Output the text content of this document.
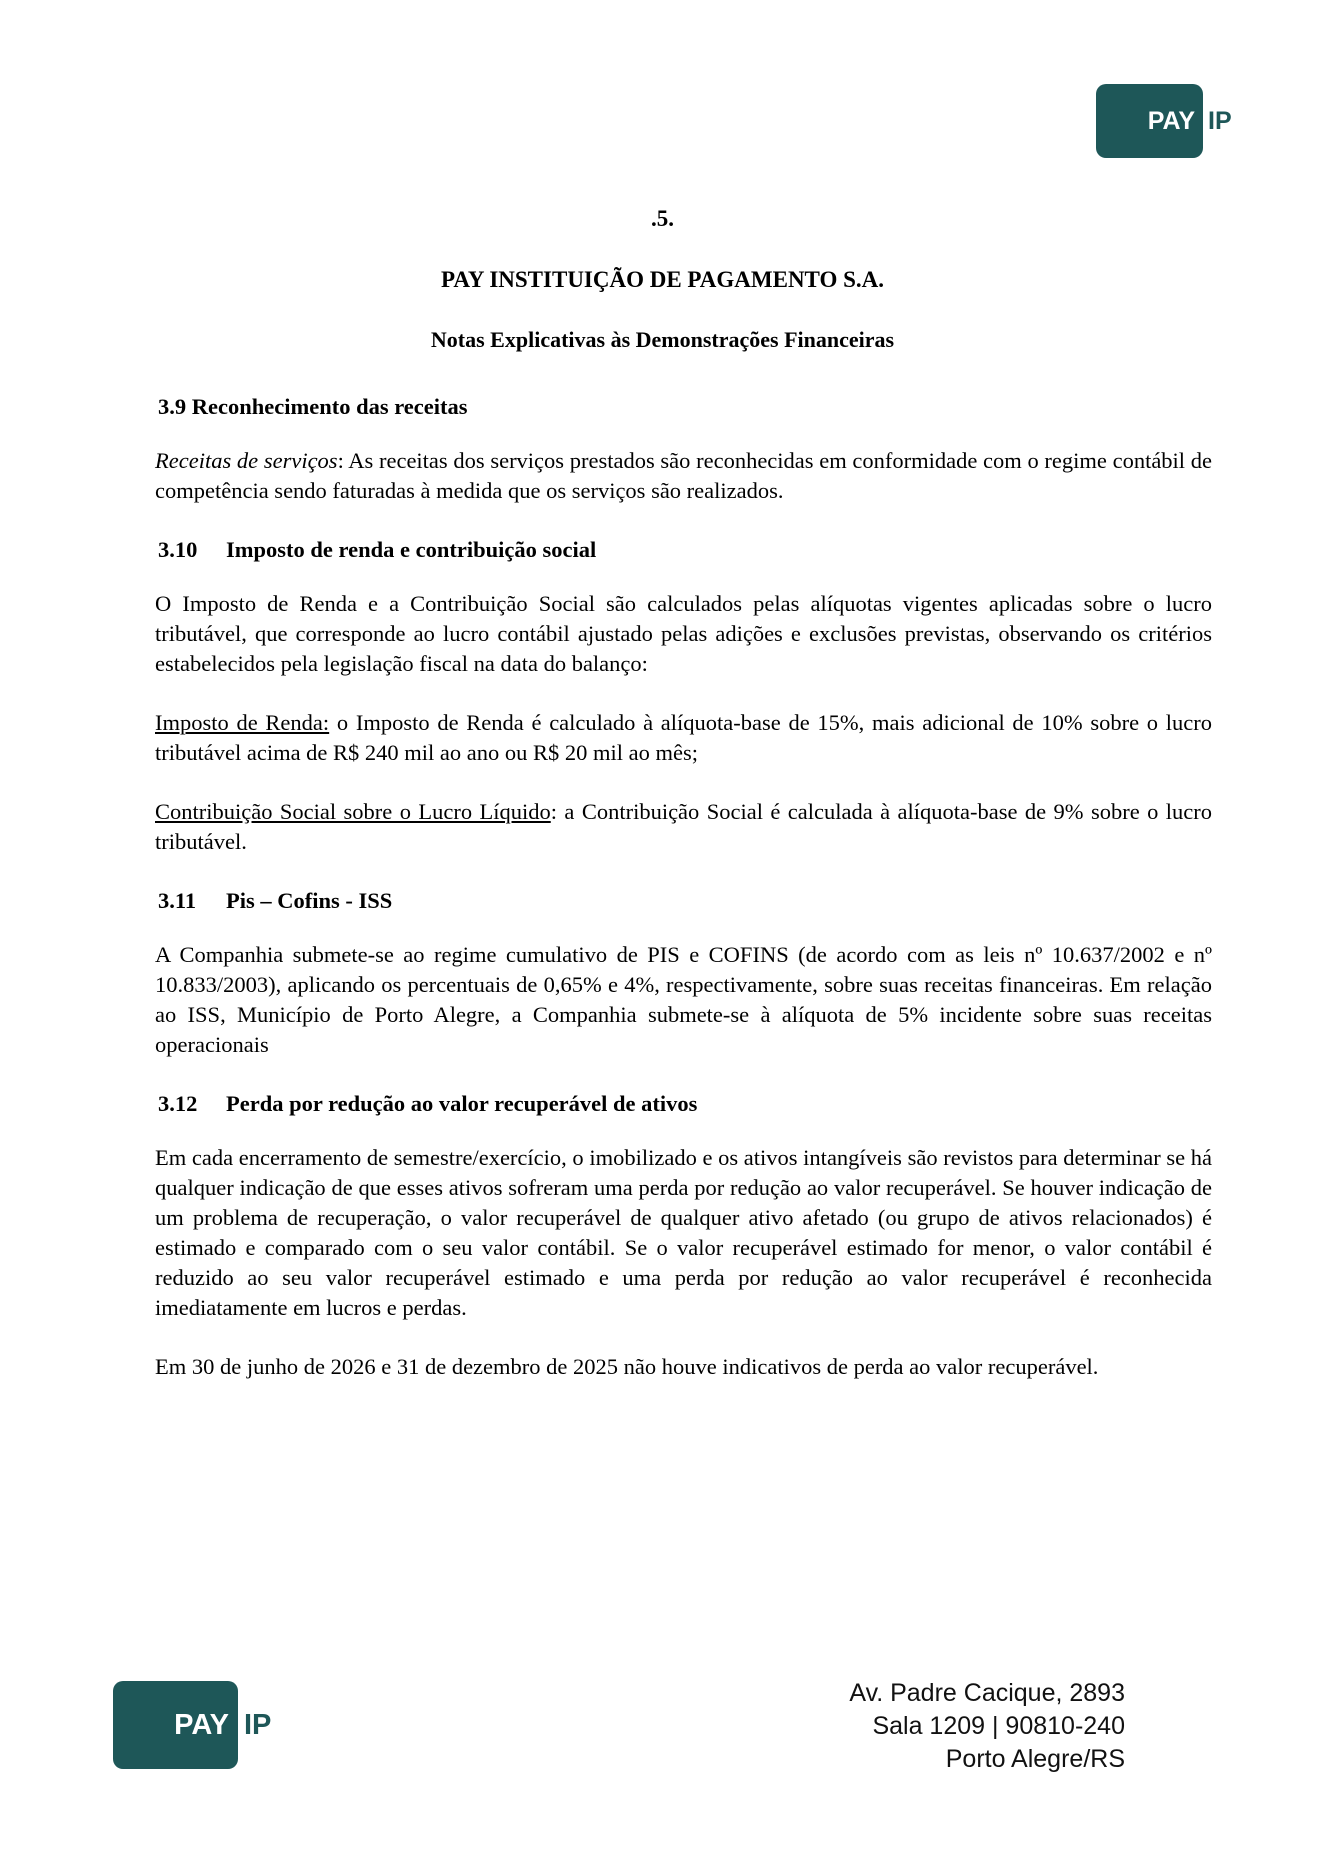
PAY IP
.5.
PAY INSTITUIÇÃO DE PAGAMENTO S.A.
Notas Explicativas às Demonstrações Financeiras
3.9 Reconhecimento das receitas

Receitas de serviços: As receitas dos serviços prestados são reconhecidas em conformidade com o regime contábil de competência sendo faturadas à medida que os serviços são realizados.

3.10 Imposto de renda e contribuição social

O Imposto de Renda e a Contribuição Social são calculados pelas alíquotas vigentes aplicadas sobre o lucro tributável, que corresponde ao lucro contábil ajustado pelas adições e exclusões previstas, observando os critérios estabelecidos pela legislação fiscal na data do balanço:

Imposto de Renda: o Imposto de Renda é calculado à alíquota-base de 15%, mais adicional de 10% sobre o lucro tributável acima de R$ 240 mil ao ano ou R$ 20 mil ao mês;

Contribuição Social sobre o Lucro Líquido: a Contribuição Social é calculada à alíquota-base de 9% sobre o lucro tributável.

3.11 Pis – Cofins - ISS

A Companhia submete-se ao regime cumulativo de PIS e COFINS (de acordo com as leis nº 10.637/2002 e nº 10.833/2003), aplicando os percentuais de 0,65% e 4%, respectivamente, sobre suas receitas financeiras. Em relação ao ISS, Município de Porto Alegre, a Companhia submete-se à alíquota de 5% incidente sobre suas receitas operacionais

3.12 Perda por redução ao valor recuperável de ativos

Em cada encerramento de semestre/exercício, o imobilizado e os ativos intangíveis são revistos para determinar se há qualquer indicação de que esses ativos sofreram uma perda por redução ao valor recuperável. Se houver indicação de um problema de recuperação, o valor recuperável de qualquer ativo afetado (ou grupo de ativos relacionados) é estimado e comparado com o seu valor contábil. Se o valor recuperável estimado for menor, o valor contábil é reduzido ao seu valor recuperável estimado e uma perda por redução ao valor recuperável é reconhecida imediatamente em lucros e perdas.

Em 30 de junho de 2026 e 31 de dezembro de 2025 não houve indicativos de perda ao valor recuperável.

PAY IP
Av. Padre Cacique, 2893
Sala 1209 | 90810-240
Porto Alegre/RS
